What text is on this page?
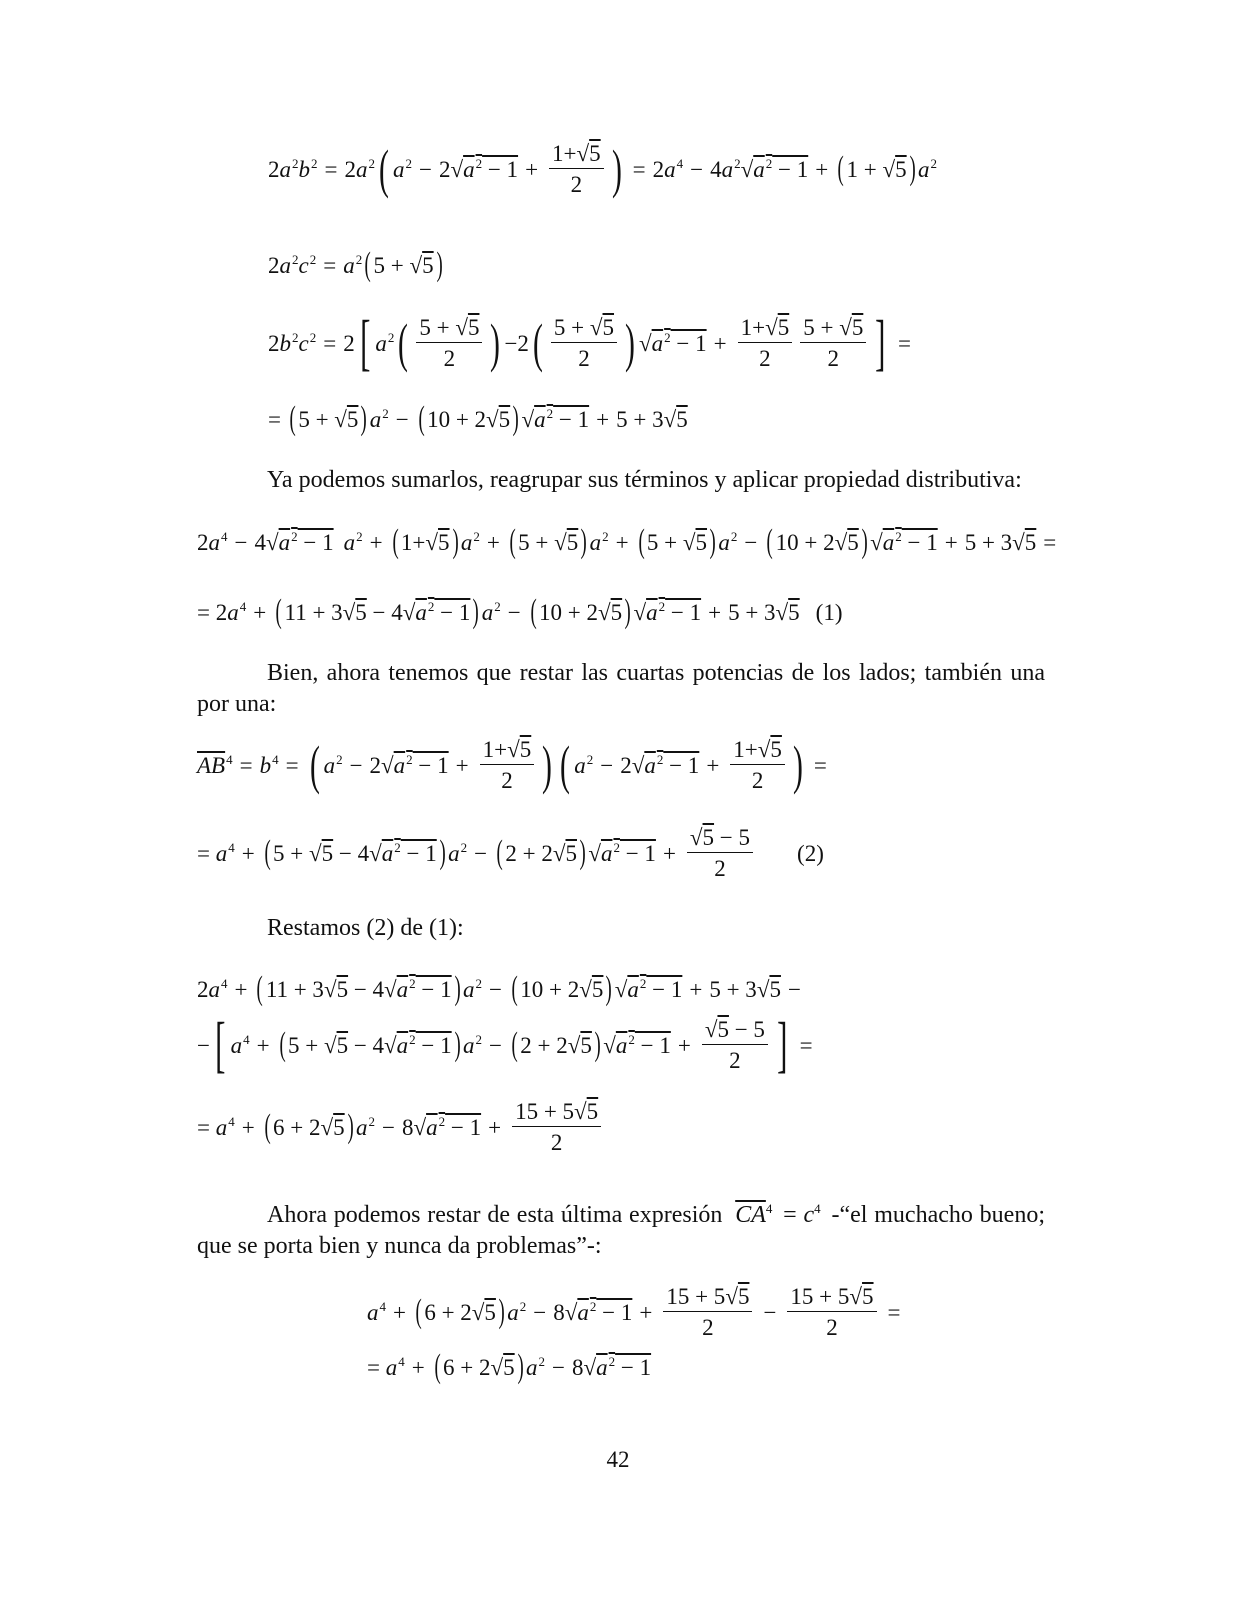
$2a^2b^2 = 2a^2$ ( $a^2 - 2$ √ $a^2 - 1 + \frac{1+ √ 5}{2}$ ) = $2a^4 - 4a^2$ √ $a^2 - 1$ + ( 1 + √ 5 ) $a^2$
$2a^2c^2 = a^2$ ( 5 + √ 5 )
$2b^2c^2 = 2$ [ $a^2$ ( $\frac{5 + √ 5}{2}$ ) −2 ( $\frac{5 + √ 5}{2}$ ) √ $a^2 - 1 + \frac{1+ √ 5}{2} \frac{5 + √ 5}{2}$ ] =
= ( 5 + √ 5 ) $a^2$ − ( 10 + 2 √ 5 ) √ $a^2 - 1 + 5 + 3$ √ 5
Ya podemos sumarlos, reagrupar sus términos y aplicar propiedad distributiva:
$2a^4 - 4$ √ $a^2 - 1$ $a^2$ + ( 1+ √ 5 ) $a^2$ + ( 5 + √ 5 ) $a^2$ + ( 5 + √ 5 ) $a^2$ − ( 10 + 2 √ 5 ) √ $a^2 - 1 + 5 + 3$ √ 5 =
= $2a^4$ + ( 11 + 3 √ 5 − 4 √ $a^2 - 1$ ) $a^2$ − ( 10 + 2 √ 5 ) √ $a^2 - 1 + 5 + 3$ √ 5 (1)
Bien, ahora tenemos que restar las cuartas potencias de los lados; también una por una:
$\overline{AB}^4 = b^4$ = ( $a^2 - 2$ √ $a^2 - 1 + \frac{1+ √ 5}{2}$ ) ( $a^2 - 2$ √ $a^2 - 1 + \frac{1+ √ 5}{2}$ ) =
= $a^4$ + ( 5 + √ 5 − 4 √ $a^2 - 1$ ) $a^2$ − ( 2 + 2 √ 5 ) √ $a^2 - 1$ + √ $\frac{5 - 5}{2} (2)$
Restamos (2) de (1):
$2a^4$ + ( 11 + 3 √ 5 − 4 √ $a^2 - 1$ ) $a^2$ − ( 10 + 2 √ 5 ) √ $a^2 - 1 + 5 + 3$ √ 5 −
− [ $a^4$ + ( 5 + √ 5 − 4 √ $a^2 - 1$ ) $a^2$ − ( 2 + 2 √ 5 ) √ $a^2 - 1$ + √ $\frac{5 - 5}{2}$ ] =
= $a^4$ + ( 6 + 2 √ 5 ) $a^2 - 8$ √ $a^2 - 1 + \frac{15 + 5 √ 5}{2}$
Ahora podemos restar de esta última expresión $\overline{CA}^4 = c^4$ -“el muchacho bueno; que se porta bien y nunca da problemas”-:
$a^4$ + ( 6 + 2 √ 5 ) $a^2 - 8$ √ $a^2 - 1 + \frac{15 + 5 √ 5}{2} - \frac{15 + 5 √ 5}{2}$ =
= $a^4$ + ( 6 + 2 √ 5 ) $a^2 - 8$ √ $a^2 - 1$
42
